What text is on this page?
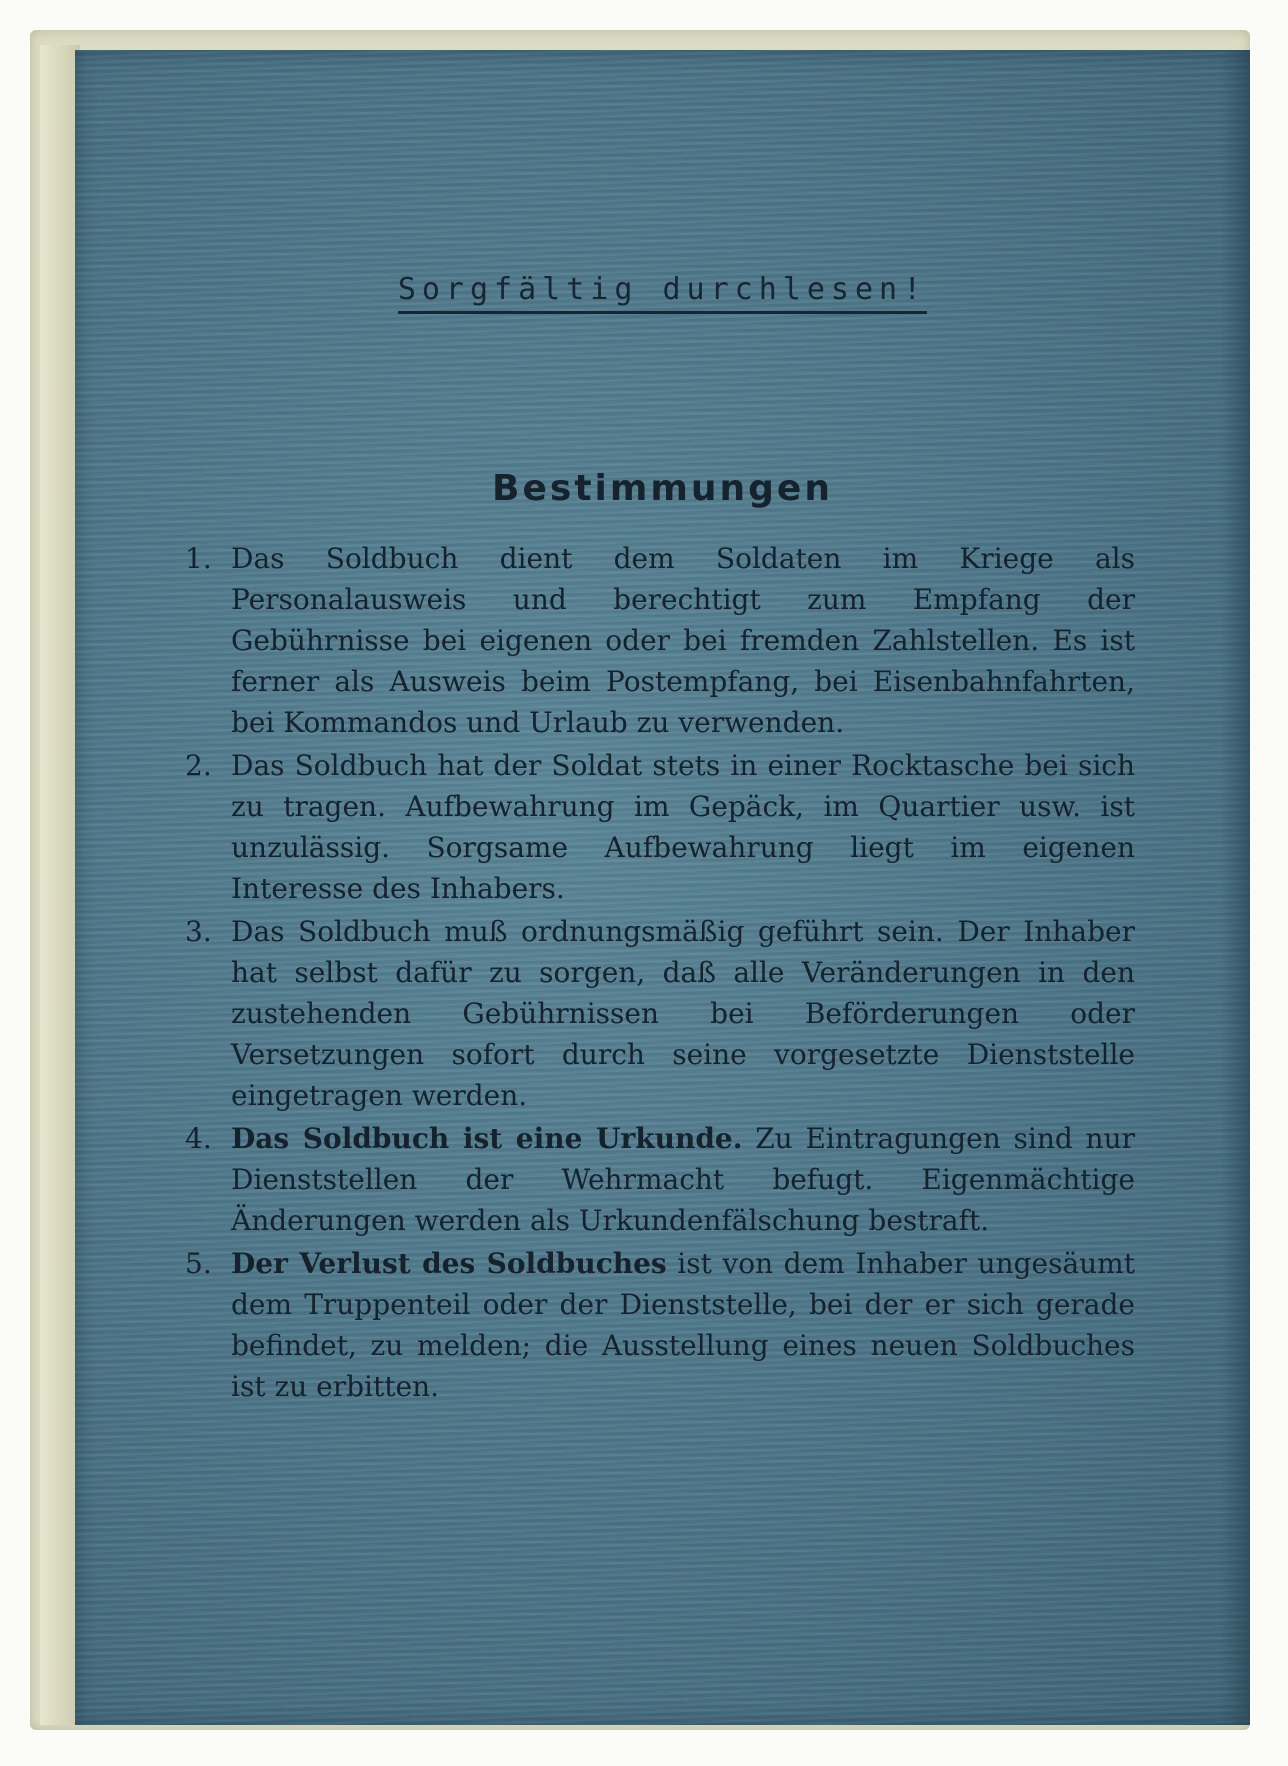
Sorgfältig durchlesen!
Bestimmungen
1. Das Soldbuch dient dem Soldaten im Kriege als Personalausweis und berechtigt zum Empfang der Gebührnisse bei eigenen oder bei fremden Zahlstellen. Es ist ferner als Ausweis beim Postempfang, bei Eisenbahnfahrten, bei Kommandos und Urlaub zu verwenden.
2. Das Soldbuch hat der Soldat stets in einer Rocktasche bei sich zu tragen. Aufbewahrung im Gepäck, im Quartier usw. ist unzulässig. Sorgsame Aufbewahrung liegt im eigenen Interesse des Inhabers.
3. Das Soldbuch muß ordnungsmäßig geführt sein. Der Inhaber hat selbst dafür zu sorgen, daß alle Veränderungen in den zustehenden Gebührnissen bei Beförderungen oder Versetzungen sofort durch seine vorgesetzte Dienststelle eingetragen werden.
4. Das Soldbuch ist eine Urkunde. Zu Eintragungen sind nur Dienststellen der Wehrmacht befugt. Eigenmächtige Änderungen werden als Urkundenfälschung bestraft.
5. Der Verlust des Soldbuches ist von dem Inhaber ungesäumt dem Truppenteil oder der Dienststelle, bei der er sich gerade befindet, zu melden; die Ausstellung eines neuen Soldbuches ist zu erbitten.
